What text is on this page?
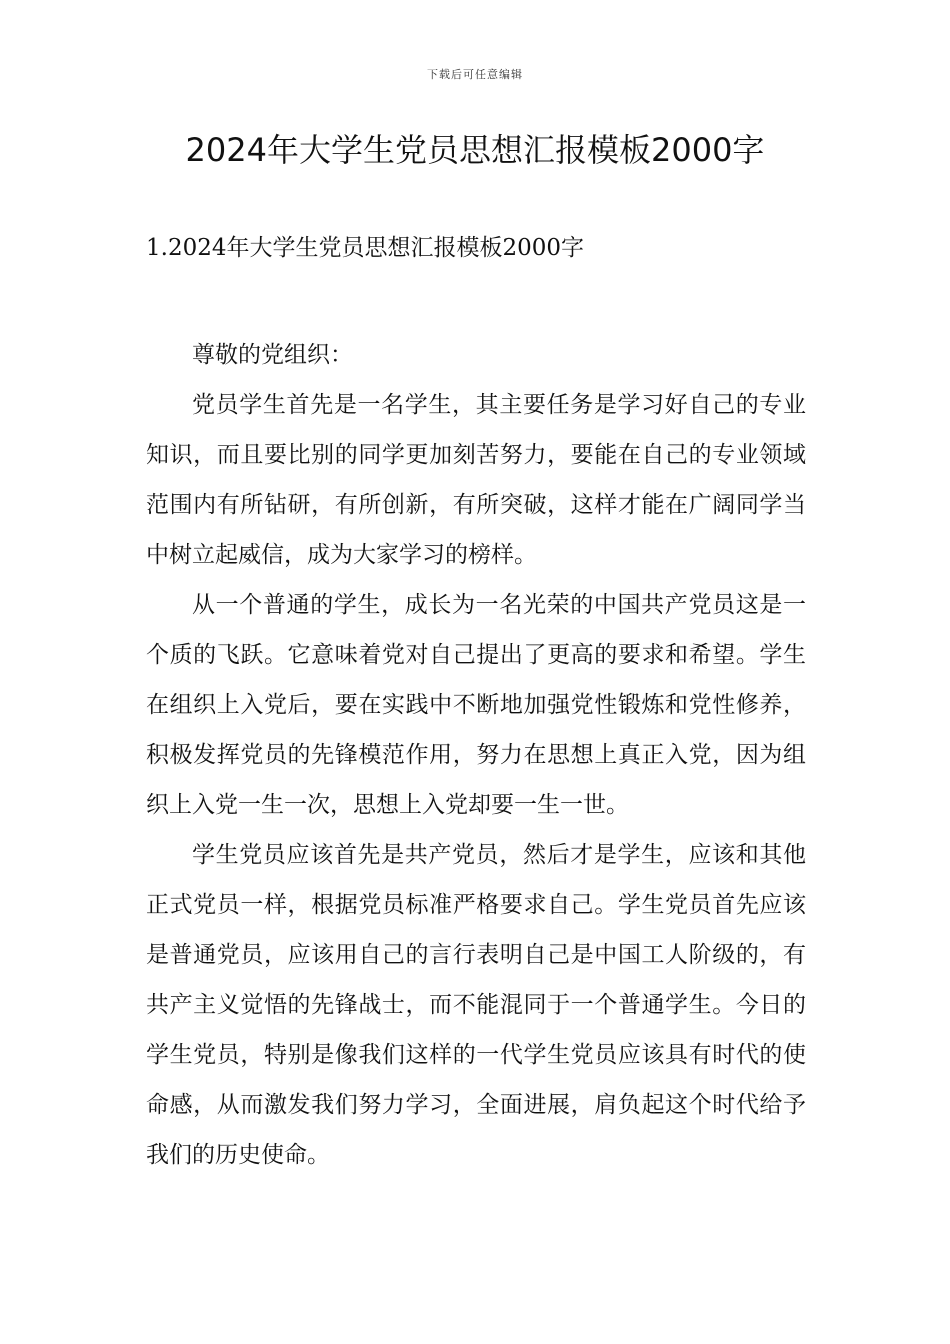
下载后可任意编辑
2024年大学生党员思想汇报模板2000字
1.2024年大学生党员思想汇报模板2000字

尊敬的党组织：

党员学生首先是一名学生，其主要任务是学习好自己的专业知识，而且要比别的同学更加刻苦努力，要能在自己的专业领域范围内有所钻研，有所创新，有所突破，这样才能在广阔同学当中树立起威信，成为大家学习的榜样。

从一个普通的学生，成长为一名光荣的中国共产党员这是一个质的飞跃。它意味着党对自己提出了更高的要求和希望。学生在组织上入党后，要在实践中不断地加强党性锻炼和党性修养，积极发挥党员的先锋模范作用，努力在思想上真正入党，因为组织上入党一生一次，思想上入党却要一生一世。

学生党员应该首先是共产党员，然后才是学生，应该和其他正式党员一样，根据党员标准严格要求自己。学生党员首先应该是普通党员，应该用自己的言行表明自己是中国工人阶级的，有共产主义觉悟的先锋战士，而不能混同于一个普通学生。今日的学生党员，特别是像我们这样的一代学生党员应该具有时代的使命感，从而激发我们努力学习，全面进展，肩负起这个时代给予我们的历史使命。
